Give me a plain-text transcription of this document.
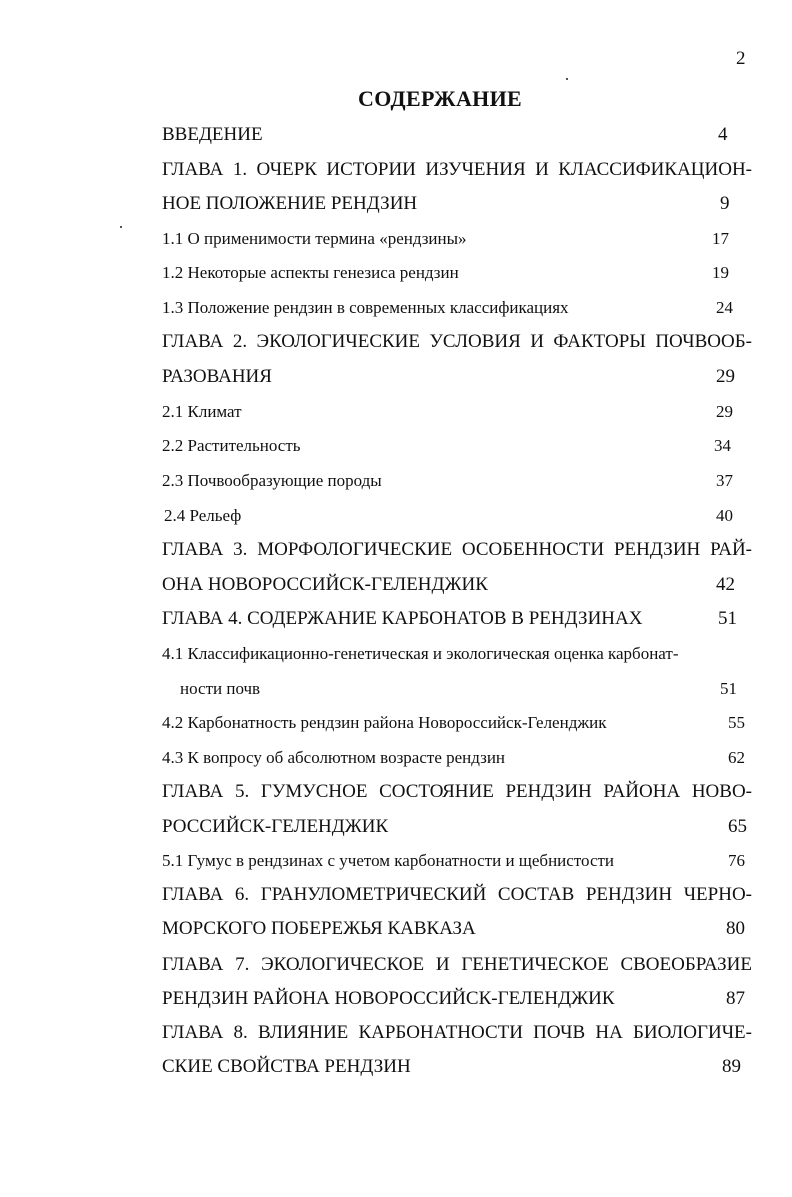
2
СОДЕРЖАНИЕ
ВВЕДЕНИЕ	4
ГЛАВА 1. ОЧЕРК ИСТОРИИ ИЗУЧЕНИЯ И КЛАССИФИКАЦИОН-
НОЕ ПОЛОЖЕНИЕ РЕНДЗИН	9
1.1 О применимости термина «рендзины»	17
1.2 Некоторые аспекты генезиса рендзин	19
1.3 Положение рендзин в современных классификациях	24
ГЛАВА 2. ЭКОЛОГИЧЕСКИЕ УСЛОВИЯ И ФАКТОРЫ ПОЧВООБ-
РАЗОВАНИЯ	29
2.1 Климат	29
2.2 Растительность	34
2.3 Почвообразующие породы	37
2.4 Рельеф	40
ГЛАВА 3. МОРФОЛОГИЧЕСКИЕ ОСОБЕННОСТИ РЕНДЗИН РАЙ-
ОНА НОВОРОССИЙСК-ГЕЛЕНДЖИК	42
ГЛАВА 4. СОДЕРЖАНИЕ КАРБОНАТОВ В РЕНДЗИНАХ	51
4.1 Классификационно-генетическая и экологическая оценка карбонат-
ности почв	51
4.2 Карбонатность рендзин района Новороссийск-Геленджик	55
4.3 К вопросу об абсолютном возрасте рендзин	62
ГЛАВА 5. ГУМУСНОЕ СОСТОЯНИЕ РЕНДЗИН РАЙОНА НОВО-
РОССИЙСК-ГЕЛЕНДЖИК	65
5.1 Гумус в рендзинах с учетом карбонатности и щебнистости	76
ГЛАВА 6. ГРАНУЛОМЕТРИЧЕСКИЙ СОСТАВ РЕНДЗИН ЧЕРНО-
МОРСКОГО ПОБЕРЕЖЬЯ КАВКАЗА	80
ГЛАВА 7. ЭКОЛОГИЧЕСКОЕ И ГЕНЕТИЧЕСКОЕ СВОЕОБРАЗИЕ
РЕНДЗИН РАЙОНА НОВОРОССИЙСК-ГЕЛЕНДЖИК	87
ГЛАВА 8. ВЛИЯНИЕ КАРБОНАТНОСТИ ПОЧВ НА БИОЛОГИЧЕ-
СКИЕ СВОЙСТВА РЕНДЗИН	89
